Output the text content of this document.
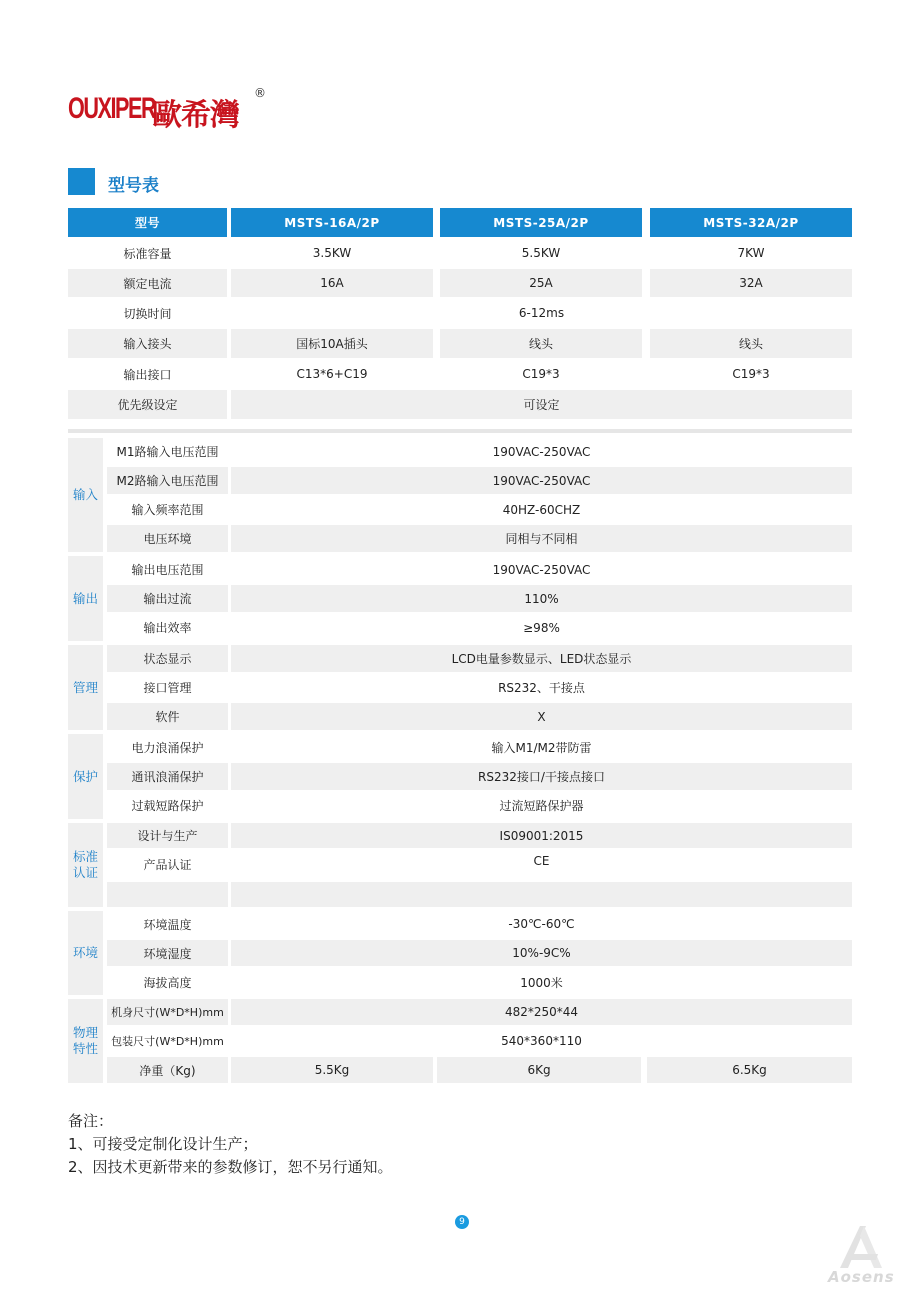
OUXIPER
歐希灣
®
型号表
型号	MSTS-16A/2P	MSTS-25A/2P	MSTS-32A/2P
标准容量	3.5KW	5.5KW	7KW
额定电流	16A	25A	32A
切换时间	6-12ms
输入接头	国标10A插头	线头	线头
输出接口	C13*6+C19	C19*3	C19*3
优先级设定	可设定
输入
M1路输入电压范围	190VAC-250VAC
M2路输入电压范围	190VAC-250VAC
输入频率范围	40HZ-60CHZ
电压环境	同相与不同相
输出
输出电压范围	190VAC-250VAC
输出过流	110%
输出效率	≥98%
管理
状态显示	LCD电量参数显示、LED状态显示
接口管理	RS232、干接点
软件	X
保护
电力浪涌保护	输入M1/M2带防雷
通讯浪涌保护	RS232接口/干接点接口
过载短路保护	过流短路保护器
标准
认证
设计与生产	IS09001:2015
产品认证	CE
环境
环境温度	-30℃-60℃
环境湿度	10%-9C%
海拔高度	1000米
物理
特性
机身尺寸(W*D*H)mm	482*250*44
包装尺寸(W*D*H)mm	540*360*110
净重（Kg)	5.5Kg	6Kg	6.5Kg
备注：
1、可接受定制化设计生产；
2、因技术更新带来的参数修订，恕不另行通知。
9
Aosens
